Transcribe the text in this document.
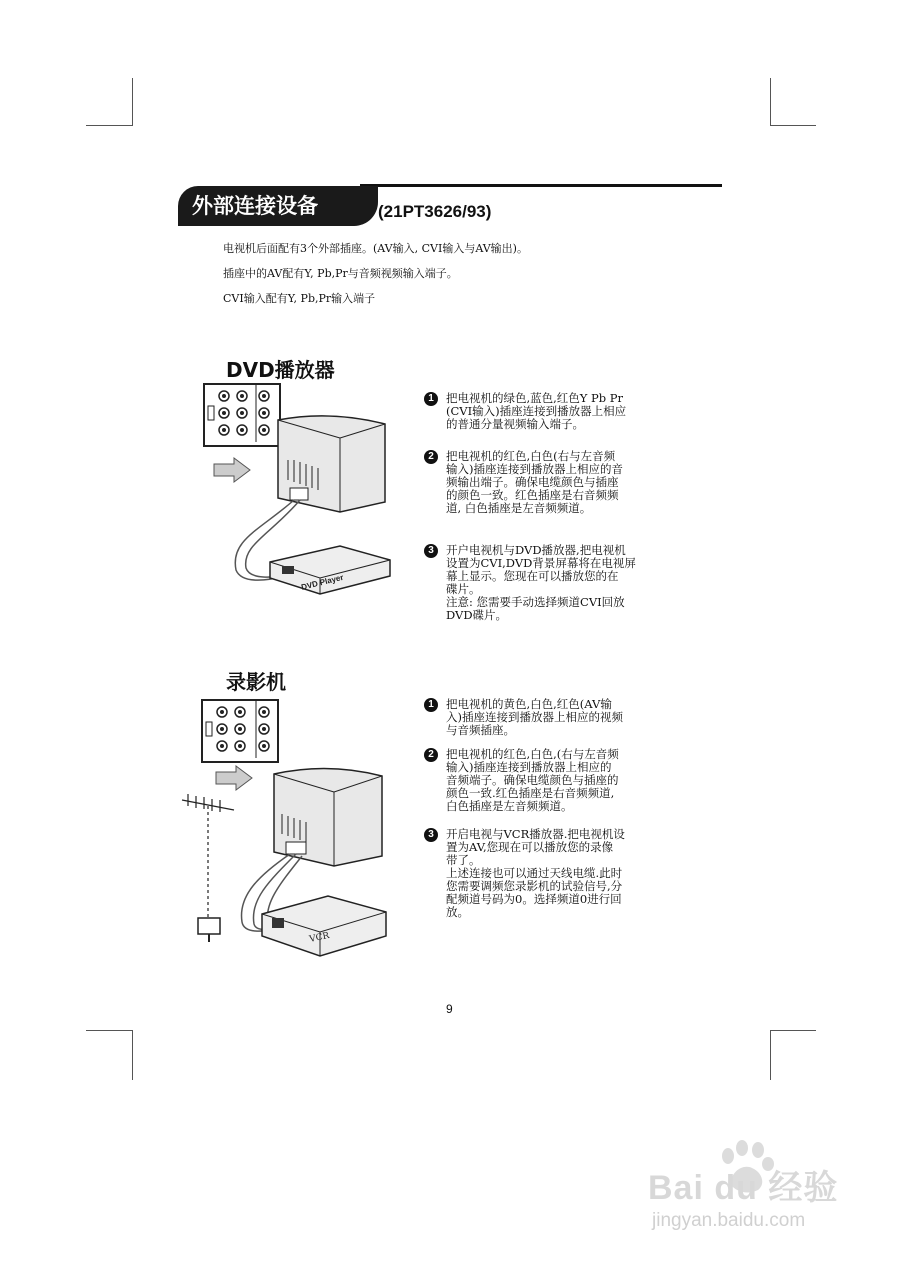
外部连接设备	(21PT3626/93)
电视机后面配有3个外部插座。(AV输入, CVI输入与AV输出)。
插座中的AV配有Y, Pb,Pr与音频视频输入端子。
CVI输入配有Y, Pb,Pr输入端子
DVD播放器
DVD Player
1	把电视机的绿色,蓝色,红色Y Pb Pr
(CVI输入)插座连接到播放器上相应
的普通分量视频输入端子。
2	把电视机的红色,白色(右与左音频
输入)插座连接到播放器上相应的音
频输出端子。确保电缆颜色与插座
的颜色一致。红色插座是右音频频
道, 白色插座是左音频频道。
3	开户电视机与DVD播放器,把电视机
设置为CVI,DVD背景屏幕将在电视屏
幕上显示。您现在可以播放您的在
碟片。
注意: 您需要手动选择频道CVI回放
DVD碟片。
录影机
VCR
1	把电视机的黄色,白色,红色(AV输
入)插座连接到播放器上相应的视频
与音频插座。
2	把电视机的红色,白色,(右与左音频
输入)插座连接到播放器上相应的
音频端子。确保电缆颜色与插座的
颜色一致.红色插座是右音频频道,
白色插座是左音频频道。
3	开启电视与VCR播放器.把电视机设
置为AV,您现在可以播放您的录像
带了。
上述连接也可以通过天线电缆.此时
您需要调频您录影机的试验信号,分
配频道号码为0。选择频道0进行回
放。
9
Bai du 经验
jingyan.baidu.com
